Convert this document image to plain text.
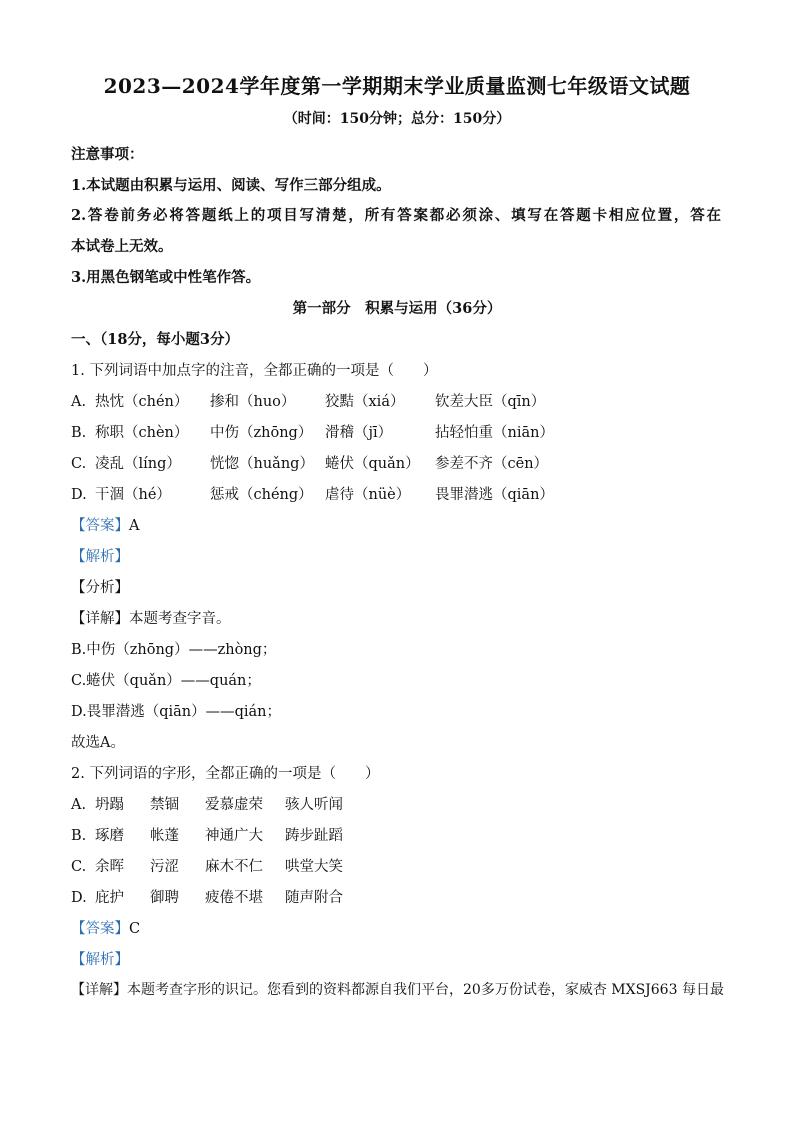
2023—2024学年度第一学期期末学业质量监测七年级语文试题
（时间：150分钟；总分：150分）
注意事项：
1.本试题由积累与运用、阅读、写作三部分组成。
2.答卷前务必将答题纸上的项目写清楚，所有答案都必须涂、填写在答题卡相应位置，答在
本试卷上无效。
3.用黑色钢笔或中性笔作答。
第一部分　积累与运用（36分）
一、（18分，每小题3分）
1. 下列词语中加点字的注音，全都正确的一项是（　　）
A. 热忱（chén） 掺和（huo） 狡黠（xiá） 钦差大臣（qīn）
B. 称职（chèn） 中伤（zhōng） 滑稽（jī）	拈轻怕重（niān）
C. 凌乱（líng） 恍惚（huǎng） 蜷伏（quǎn） 参差不齐（cēn）
D. 干涸（hé）	惩戒（chéng） 虐待（nüè） 畏罪潜逃（qiān）
【答案】A
【解析】
【分析】
【详解】本题考查字音。
B.中伤（zhōng）——zhòng；
C.蜷伏（quǎn）——quán；
D.畏罪潜逃（qiān）——qián；
故选A。
2. 下列词语的字形，全都正确的一项是（　　）
A. 坍蹋 禁锢 爱慕虚荣 骇人听闻
B. 琢磨 帐蓬 神通广大 踌步趾蹈
C. 余晖 污涩 麻木不仁 哄堂大笑
D. 庇护 御聘 疲倦不堪 随声附合
【答案】C
【解析】
【详解】本题考查字形的识记。您看到的资料都源自我们平台，20多万份试卷，家威杏 MXSJ663 每日最
